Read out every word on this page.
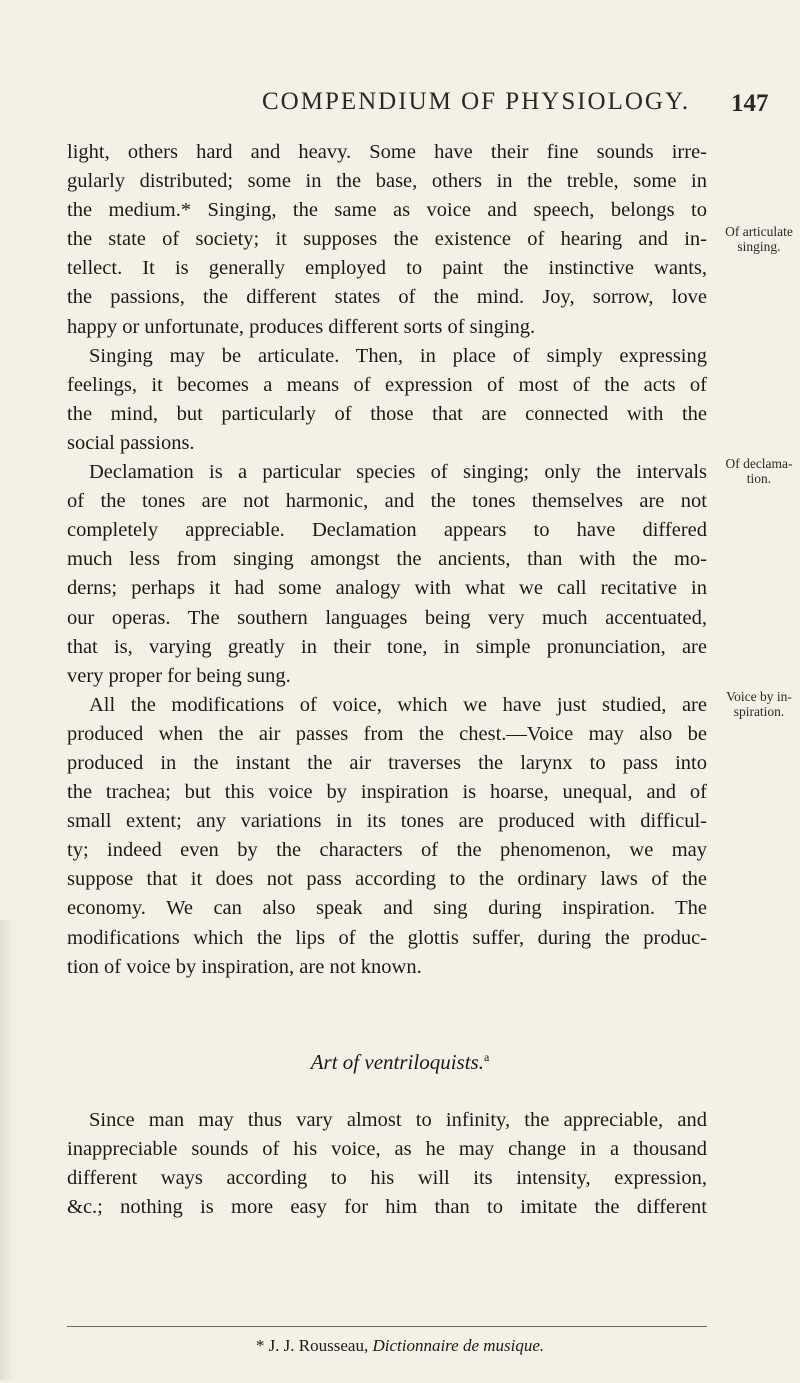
COMPENDIUM OF PHYSIOLOGY. 147
light, others hard and heavy. Some have their fine sounds irre-
gularly distributed; some in the base, others in the treble, some in
the medium.* Singing, the same as voice and speech, belongs to
the state of society; it supposes the existence of hearing and in-
tellect. It is generally employed to paint the instinctive wants,
the passions, the different states of the mind. Joy, sorrow, love
happy or unfortunate, produces different sorts of singing.
Singing may be articulate. Then, in place of simply expressing
feelings, it becomes a means of expression of most of the acts of
the mind, but particularly of those that are connected with the
social passions.
Declamation is a particular species of singing; only the intervals
of the tones are not harmonic, and the tones themselves are not
completely appreciable. Declamation appears to have differed
much less from singing amongst the ancients, than with the mo-
derns; perhaps it had some analogy with what we call recitative in
our operas. The southern languages being very much accentuated,
that is, varying greatly in their tone, in simple pronunciation, are
very proper for being sung.
All the modifications of voice, which we have just studied, are
produced when the air passes from the chest.—Voice may also be
produced in the instant the air traverses the larynx to pass into
the trachea; but this voice by inspiration is hoarse, unequal, and of
small extent; any variations in its tones are produced with difficul-
ty; indeed even by the characters of the phenomenon, we may
suppose that it does not pass according to the ordinary laws of the
economy. We can also speak and sing during inspiration. The
modifications which the lips of the glottis suffer, during the produc-
tion of voice by inspiration, are not known.
Of articulate
singing.
Of declama-
tion.
Voice by in-
spiration.
Art of ventriloquists.$^a$
Since man may thus vary almost to infinity, the appreciable, and
inappreciable sounds of his voice, as he may change in a thousand
different ways according to his will its intensity, expression,
&c.; nothing is more easy for him than to imitate the different
* J. J. Rousseau, Dictionnaire de musique.
